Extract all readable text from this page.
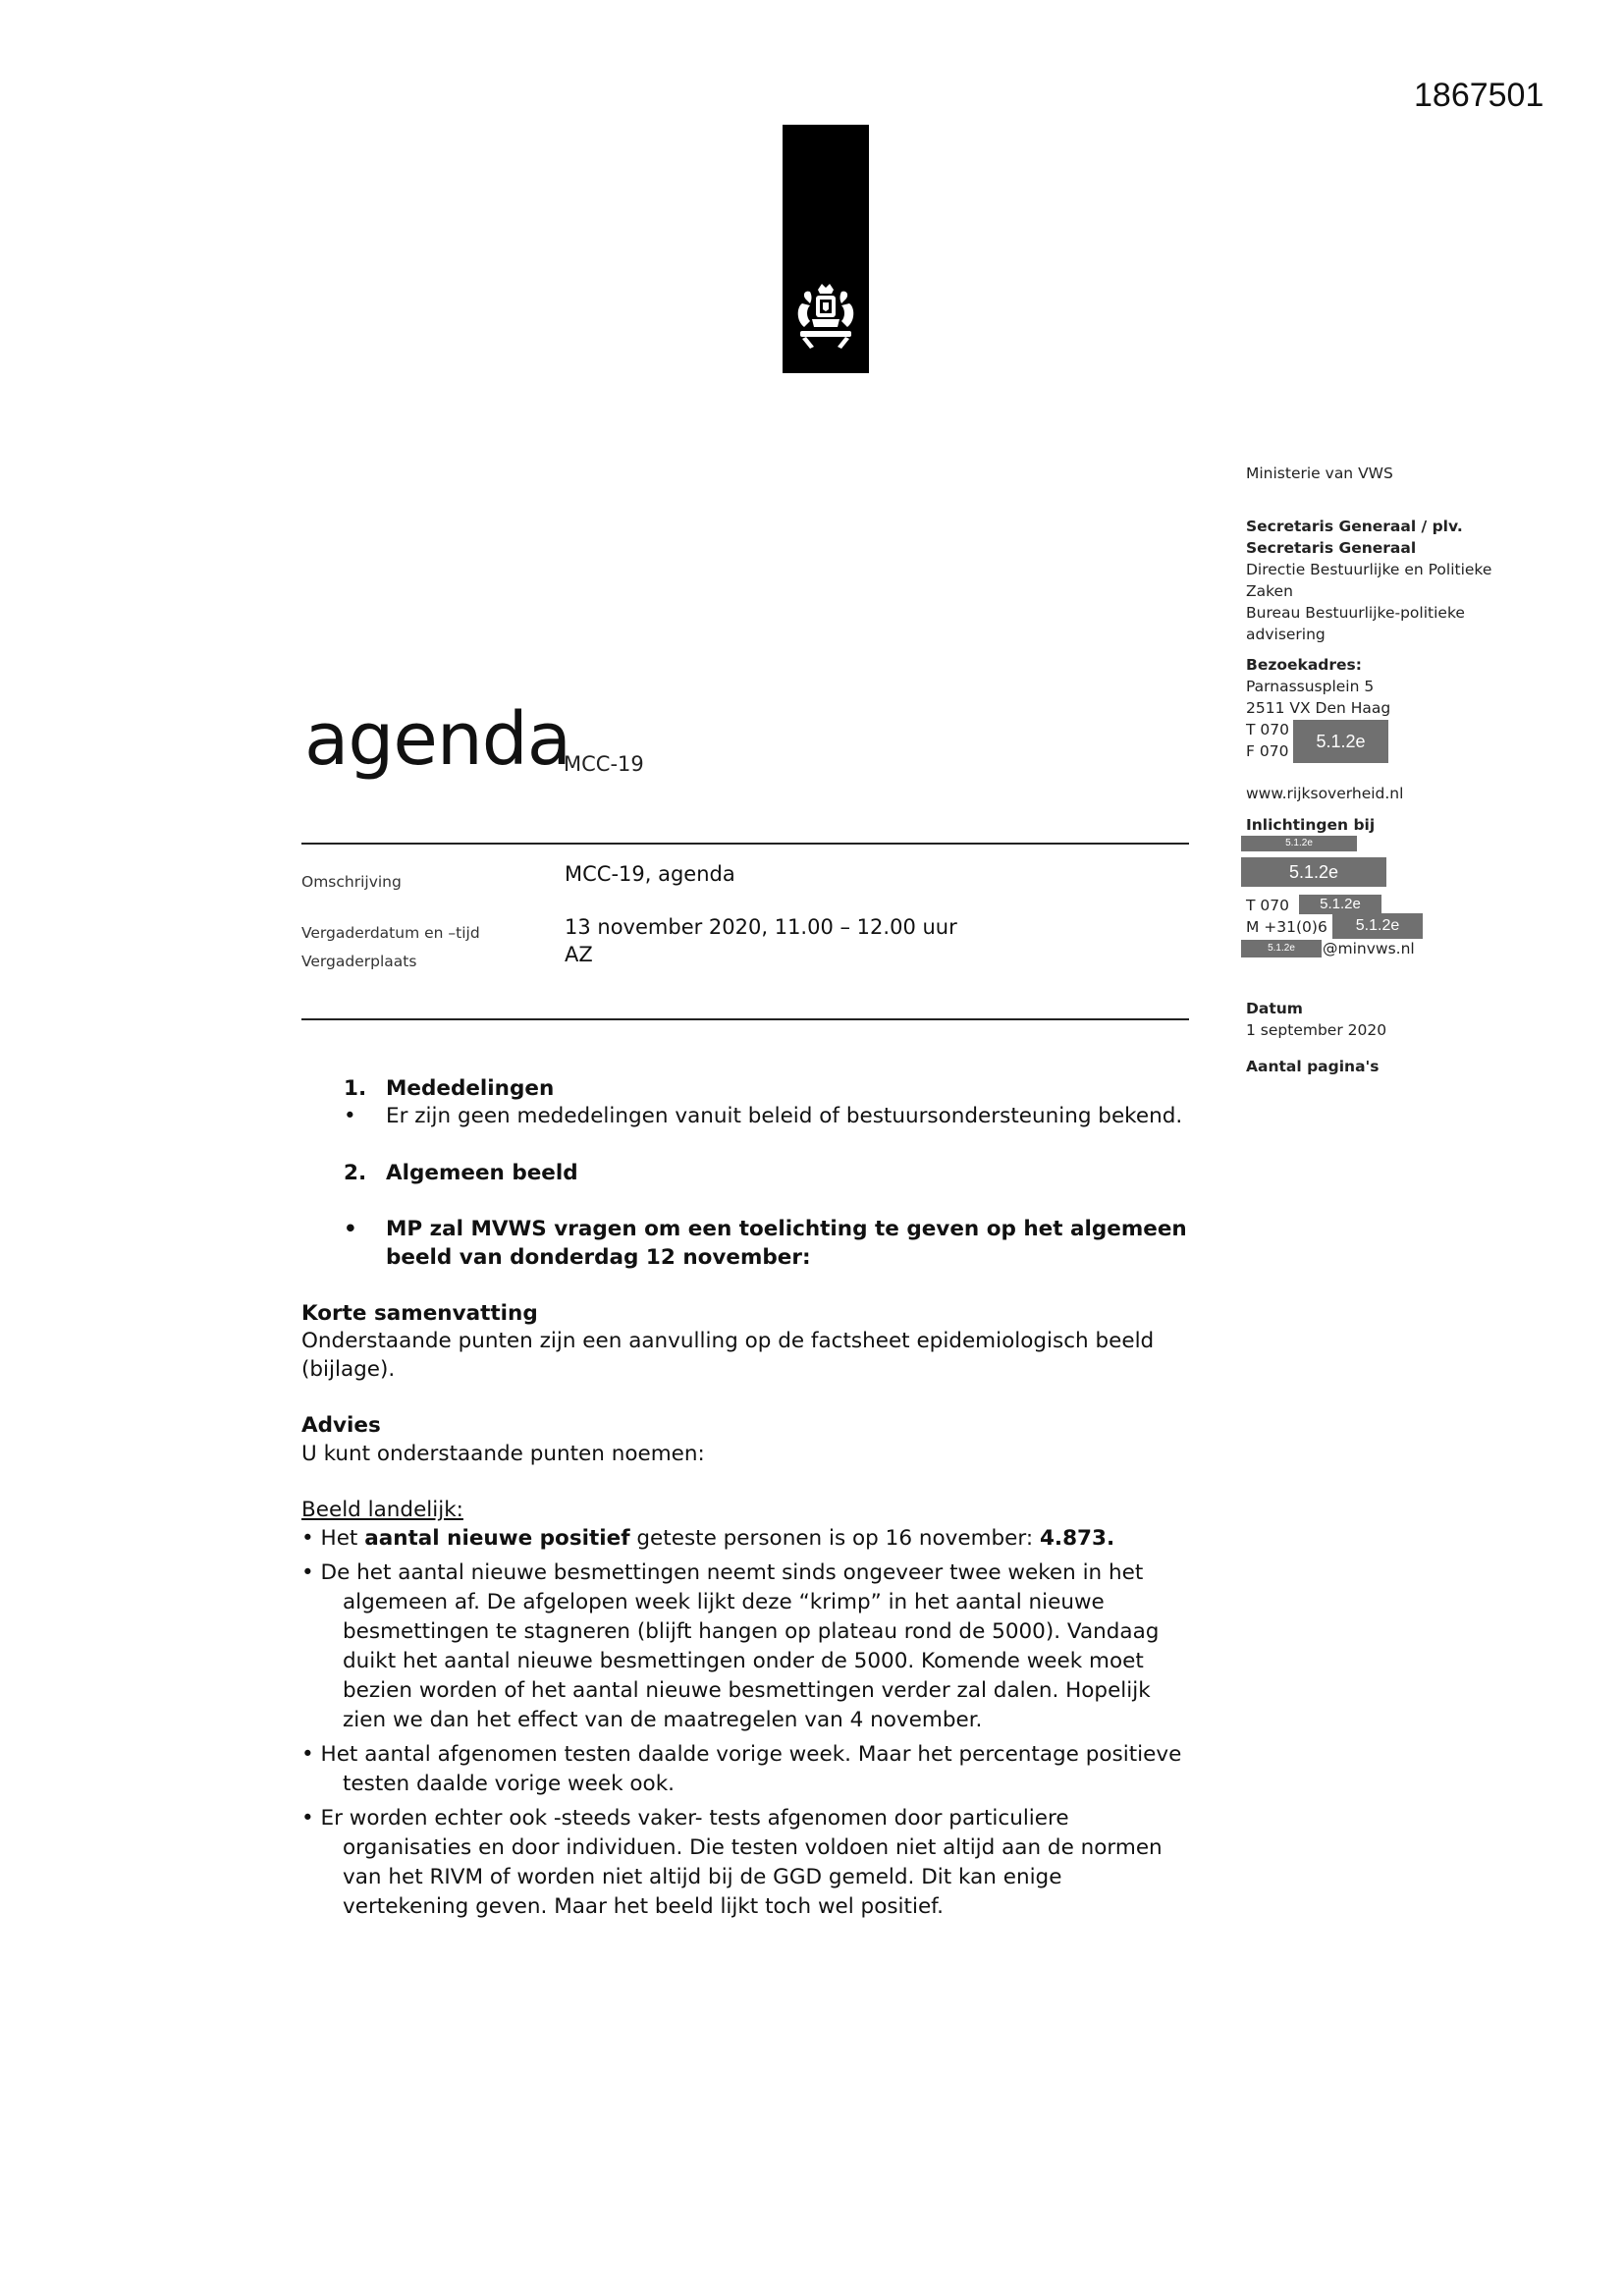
1867501
Ministerie van VWS
Secretaris Generaal / plv.
Secretaris Generaal
Directie Bestuurlijke en Politieke
Zaken
Bureau Bestuurlijke-politieke
advisering
Bezoekadres:
Parnassusplein 5
2511 VX Den Haag
T 070
F 070	5.1.2e
www.rijksoverheid.nl
Inlichtingen bij
5.1.2e
5.1.2e
T 070	5.1.2e
M +31(0)6	5.1.2e
5.1.2e	@minvws.nl
Datum
1 september 2020
Aantal pagina's
agenda
MCC-19
Omschrijving	MCC-19, agenda
Vergaderdatum en –tijd	13 november 2020, 11.00 – 12.00 uur
Vergaderplaats	AZ
1. Mededelingen
• Er zijn geen mededelingen vanuit beleid of bestuursondersteuning bekend.
2. Algemeen beeld
• MP zal MVWS vragen om een toelichting te geven op het algemeen
beeld van donderdag 12 november:
Korte samenvatting
Onderstaande punten zijn een aanvulling op de factsheet epidemiologisch beeld
(bijlage).
Advies
U kunt onderstaande punten noemen:
Beeld landelijk:
• Het aantal nieuwe positief geteste personen is op 16 november: 4.873.
• De het aantal nieuwe besmettingen neemt sinds ongeveer twee weken in het
algemeen af. De afgelopen week lijkt deze “krimp” in het aantal nieuwe
besmettingen te stagneren (blijft hangen op plateau rond de 5000). Vandaag
duikt het aantal nieuwe besmettingen onder de 5000. Komende week moet
bezien worden of het aantal nieuwe besmettingen verder zal dalen. Hopelijk
zien we dan het effect van de maatregelen van 4 november.
• Het aantal afgenomen testen daalde vorige week. Maar het percentage positieve
testen daalde vorige week ook.
• Er worden echter ook -steeds vaker- tests afgenomen door particuliere
organisaties en door individuen. Die testen voldoen niet altijd aan de normen
van het RIVM of worden niet altijd bij de GGD gemeld. Dit kan enige
vertekening geven. Maar het beeld lijkt toch wel positief.
